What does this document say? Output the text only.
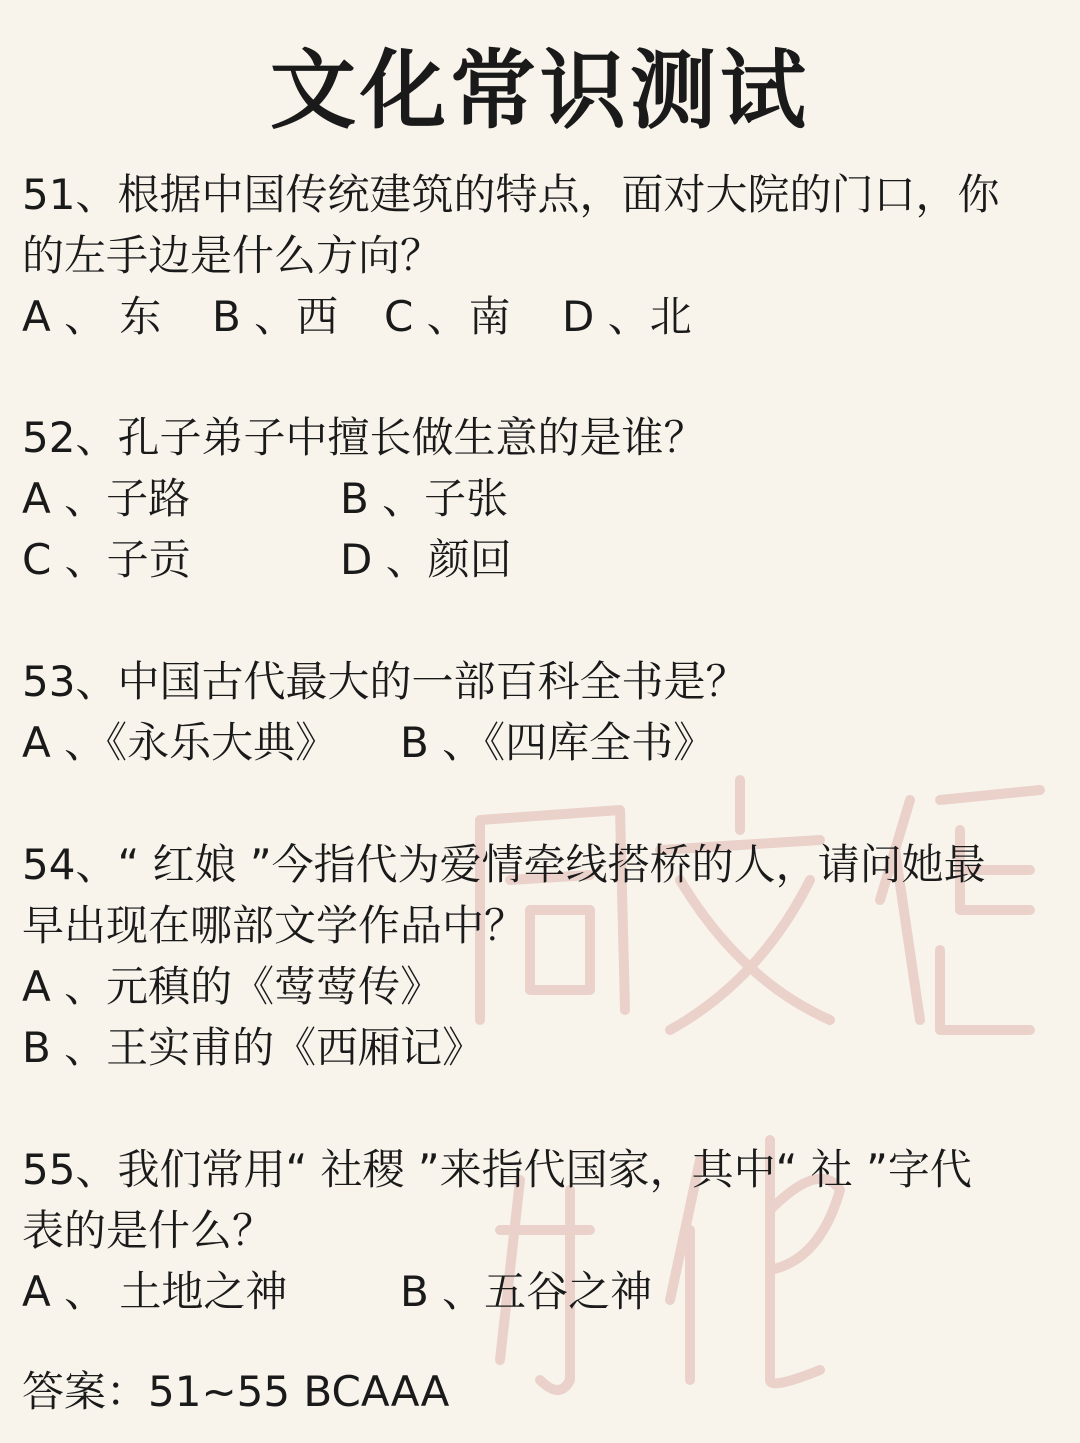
文化常识测试
51、根据中国传统建筑的特点，面对大院的门口，你
的左手边是什么方向？
A 、 东 B 、西 C 、南 D 、北
52、孔子弟子中擅长做生意的是谁？
A 、子路	B 、子张
C 、子贡	D 、颜回
53、中国古代最大的一部百科全书是？
A 、《永乐大典》 B 、《四库全书》
54、“ 红娘 ”今指代为爱情牵线搭桥的人，请问她最
早出现在哪部文学作品中？
A 、元稹的《莺莺传》
B 、王实甫的《西厢记》
55、我们常用“ 社稷 ”来指代国家，其中“ 社 ”字代
表的是什么？
A 、 土地之神	B 、五谷之神
答案：51~55 BCAAA
